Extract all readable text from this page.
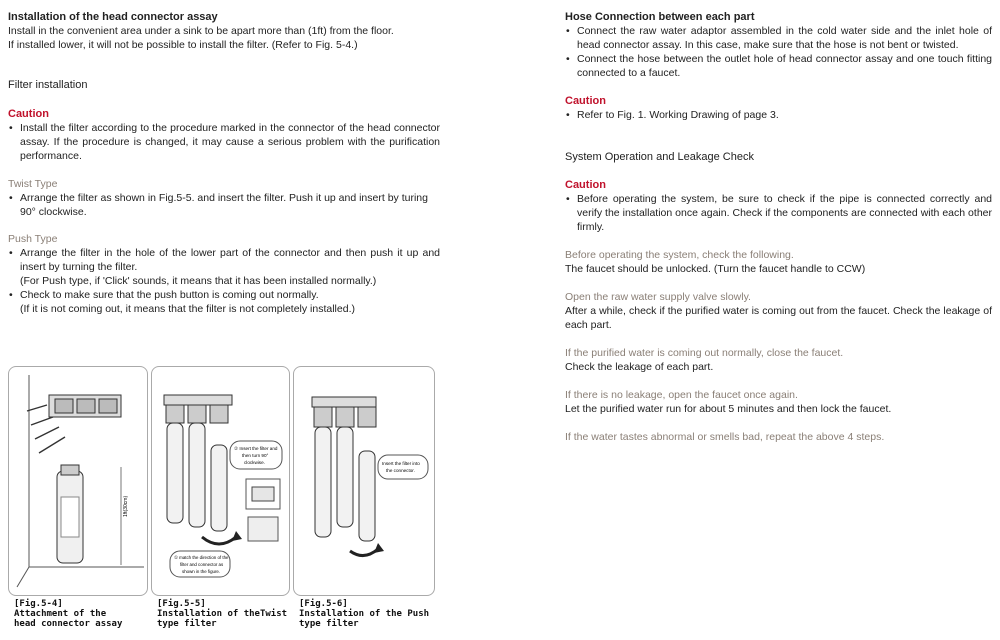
Installation of the head connector assay

Install in the convenient area under a sink to be apart more than (1ft) from the floor.

If installed lower, it will not be possible to install the filter. (Refer to Fig. 5-4.)

Filter installation

Caution

• Install the filter according to the procedure marked in the connector of the head connector assay. If the procedure is changed, it may cause a serious problem with the purification performance.

Twist Type

• Arrange the filter as shown in Fig.5-5. and insert the filter. Push it up and insert by turing
90° clockwise.

Push Type

• Arrange the filter in the hole of the lower part of the connector and then push it up and insert by turning the filter.

(For Push type, if 'Click' sounds, it means that it has been installed normally.)

• Check to make sure that the push button is coming out normally.

(If it is not coming out, it means that the filter is not completely installed.)

1ft(30cm)
② Insert the filter and
then turn 90°
clockwise.
① match the direction of the
filter and connector as
shown in the figure.
Insert the filter into
the connector.
[Fig.5-4]
Attachment of the
head connector assay
[Fig.5-5]
Installation of theTwist
type filter
[Fig.5-6]
Installation of the Push
type filter

Hose Connection between each part

• Connect the raw water adaptor assembled in the cold water side and the inlet hole of head connector assay. In this case, make sure that the hose is not bent or twisted.
• Connect the hose between the outlet hole of head connector assay and one touch fitting connected to a faucet.

Caution

• Refer to Fig. 1. Working Drawing of page 3.

System Operation and Leakage Check

Caution

• Before operating the system, be sure to check if the pipe is connected correctly and verify the installation once again. Check if the components are connected with each other firmly.

Before operating the system, check the following.

The faucet should be unlocked. (Turn the faucet handle to CCW)

Open the raw water supply valve slowly.

After a while, check if the purified water is coming out from the faucet. Check the leakage of each part.

If the purified water is coming out normally, close the faucet.

Check the leakage of each part.

If there is no leakage, open the faucet once again.

Let the purified water run for about 5 minutes and then lock the faucet.

If the water tastes abnormal or smells bad, repeat the above 4 steps.
